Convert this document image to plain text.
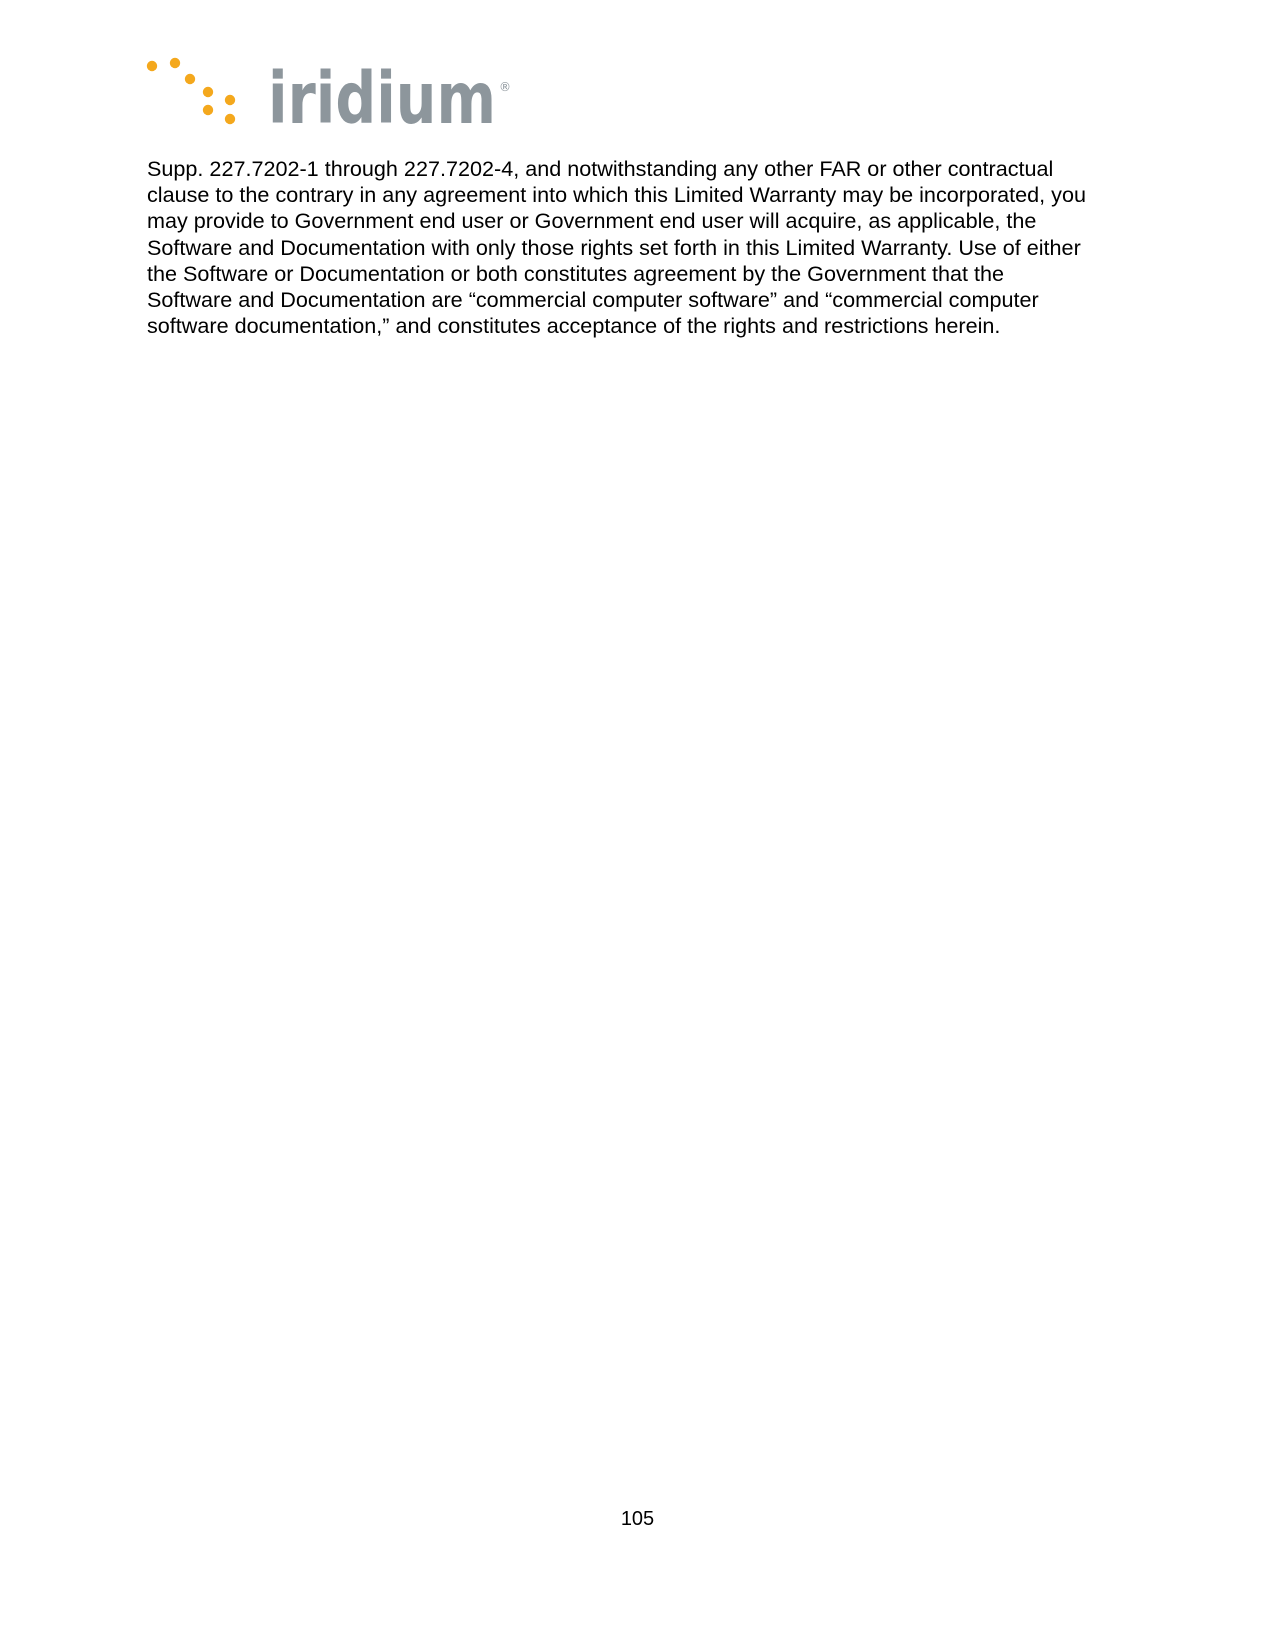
iridium ®

Supp. 227.7202-1 through 227.7202-4, and notwithstanding any other FAR or other contractual
clause to the contrary in any agreement into which this Limited Warranty may be incorporated, you
may provide to Government end user or Government end user will acquire, as applicable, the
Software and Documentation with only those rights set forth in this Limited Warranty. Use of either
the Software or Documentation or both constitutes agreement by the Government that the
Software and Documentation are “commercial computer software” and “commercial computer
software documentation,” and constitutes acceptance of the rights and restrictions herein.

105
